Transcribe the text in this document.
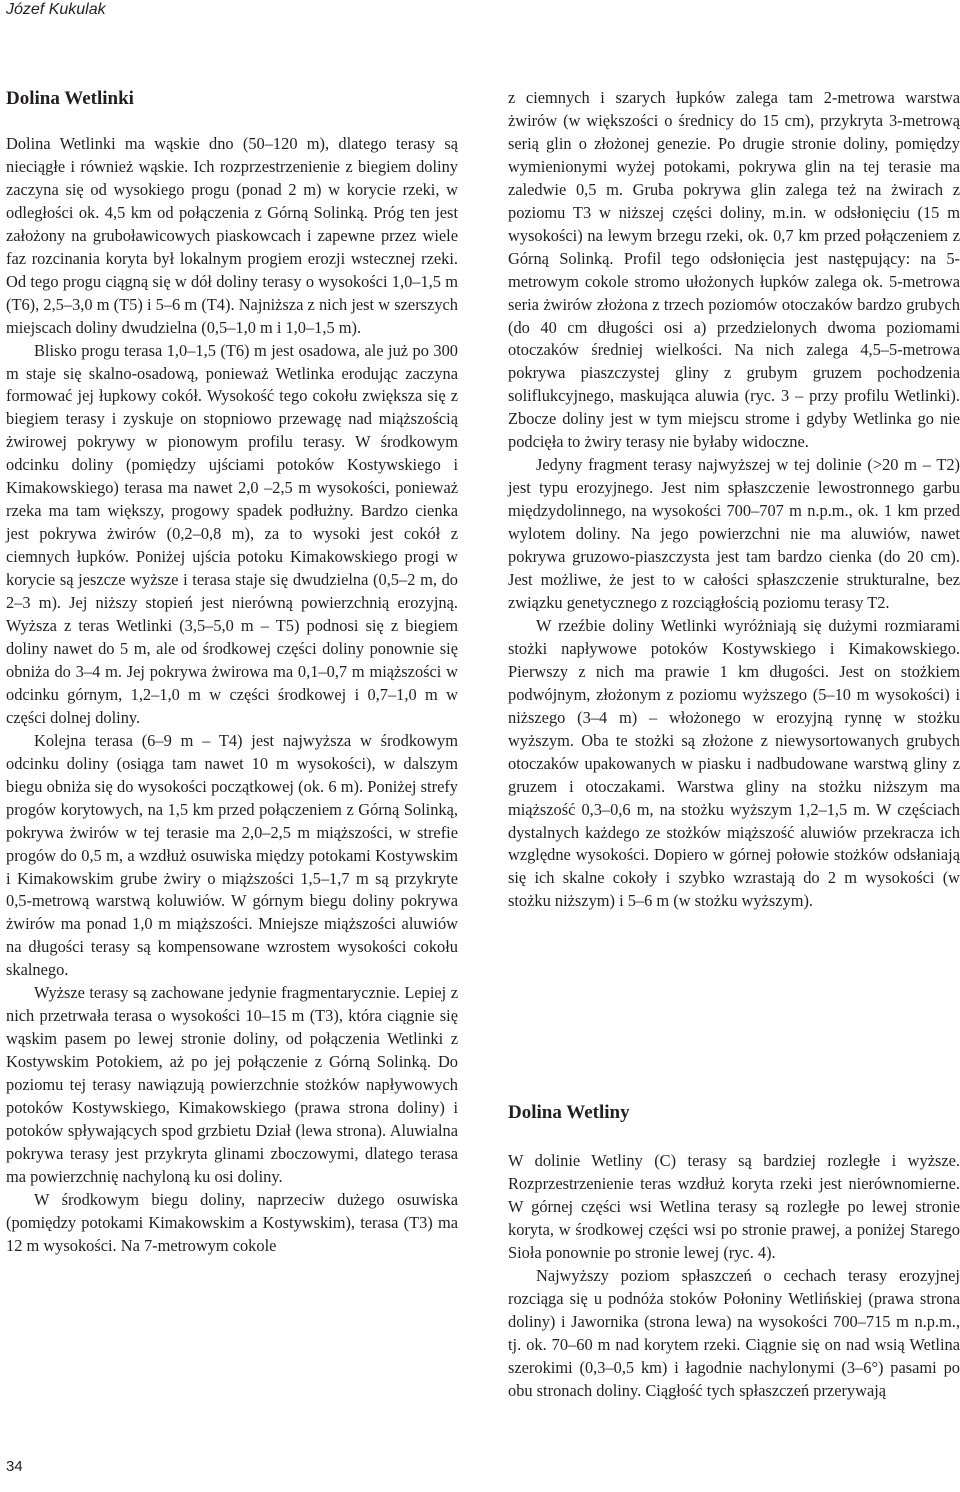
Józef Kukulak
Dolina Wetlinki

Dolina Wetlinki ma wąskie dno (50–120 m), dlatego terasy są nieciągłe i również wąskie. Ich rozprzestrzenienie z biegiem doliny zaczyna się od wysokiego progu (ponad 2 m) w korycie rzeki, w odległości ok. 4,5 km od połączenia z Górną Solinką. Próg ten jest założony na gruboławicowych piaskowcach i zapewne przez wiele faz rozcinania koryta był lokalnym progiem erozji wstecznej rzeki. Od tego progu ciągną się w dół doliny terasy o wysokości 1,0–1,5 m (T6), 2,5–3,0 m (T5) i 5–6 m (T4). Najniższa z nich jest w szerszych miejscach doliny dwudzielna (0,5–1,0 m i 1,0–1,5 m).

Blisko progu terasa 1,0–1,5 (T6) m jest osadowa, ale już po 300 m staje się skalno-osadową, ponieważ Wetlinka erodując zaczyna formować jej łupkowy cokół. Wysokość tego cokołu zwiększa się z biegiem terasy i zyskuje on stopniowo przewagę nad miąższością żwirowej pokrywy w pionowym profilu terasy. W środkowym odcinku doliny (pomiędzy ujściami potoków Kostywskiego i Kimakowskiego) terasa ma nawet 2,0 –2,5 m wysokości, ponieważ rzeka ma tam większy, progowy spadek podłużny. Bardzo cienka jest pokrywa żwirów (0,2–0,8 m), za to wysoki jest cokół z ciemnych łupków. Poniżej ujścia potoku Kimakowskiego progi w korycie są jeszcze wyższe i terasa staje się dwudzielna (0,5–2 m, do 2–3 m). Jej niższy stopień jest nierówną powierzchnią erozyjną. Wyższa z teras Wetlinki (3,5–5,0 m – T5) podnosi się z biegiem doliny nawet do 5 m, ale od środkowej części doliny ponownie się obniża do 3–4 m. Jej pokrywa żwirowa ma 0,1–0,7 m miąższości w odcinku górnym, 1,2–1,0 m w części środkowej i 0,7–1,0 m w części dolnej doliny.

Kolejna terasa (6–9 m – T4) jest najwyższa w środkowym odcinku doliny (osiąga tam nawet 10 m wysokości), w dalszym biegu obniża się do wysokości początkowej (ok. 6 m). Poniżej strefy progów korytowych, na 1,5 km przed połączeniem z Górną Solinką, pokrywa żwirów w tej terasie ma 2,0–2,5 m miąższości, w strefie progów do 0,5 m, a wzdłuż osuwiska między potokami Kostywskim i Kimakowskim grube żwiry o miąższości 1,5–1,7 m są przykryte 0,5-metrową warstwą koluwiów. W górnym biegu doliny pokrywa żwirów ma ponad 1,0 m miąższości. Mniejsze miąższości aluwiów na długości terasy są kompensowane wzrostem wysokości cokołu skalnego.

Wyższe terasy są zachowane jedynie fragmentarycznie. Lepiej z nich przetrwała terasa o wysokości 10–15 m (T3), która ciągnie się wąskim pasem po lewej stronie doliny, od połączenia Wetlinki z Kostywskim Potokiem, aż po jej połączenie z Górną Solinką. Do poziomu tej terasy nawiązują powierzchnie stożków napływowych potoków Kostywskiego, Kimakowskiego (prawa strona doliny) i potoków spływających spod grzbietu Dział (lewa strona). Aluwialna pokrywa terasy jest przykryta glinami zboczowymi, dlatego terasa ma powierzchnię nachyloną ku osi doliny.

W środkowym biegu doliny, naprzeciw dużego osuwiska (pomiędzy potokami Kimakowskim a Kostywskim), terasa (T3) ma 12 m wysokości. Na 7-metrowym cokole

z ciemnych i szarych łupków zalega tam 2-metrowa warstwa żwirów (w większości o średnicy do 15 cm), przykryta 3-metrową serią glin o złożonej genezie. Po drugie stronie doliny, pomiędzy wymienionymi wyżej potokami, pokrywa glin na tej terasie ma zaledwie 0,5 m. Gruba pokrywa glin zalega też na żwirach z poziomu T3 w niższej części doliny, m.in. w odsłonięciu (15 m wysokości) na lewym brzegu rzeki, ok. 0,7 km przed połączeniem z Górną Solinką. Profil tego odsłonięcia jest następujący: na 5-metrowym cokole stromo ułożonych łupków zalega ok. 5-metrowa seria żwirów złożona z trzech poziomów otoczaków bardzo grubych (do 40 cm długości osi a) przedzielonych dwoma poziomami otoczaków średniej wielkości. Na nich zalega 4,5–5-metrowa pokrywa piaszczystej gliny z grubym gruzem pochodzenia soliflukcyjnego, maskująca aluwia (ryc. 3 – przy profilu Wetlinki). Zbocze doliny jest w tym miejscu strome i gdyby Wetlinka go nie podcięła to żwiry terasy nie byłaby widoczne.

Jedyny fragment terasy najwyższej w tej dolinie (>20 m – T2) jest typu erozyjnego. Jest nim spłaszczenie lewostronnego garbu międzydolinnego, na wysokości 700–707 m n.p.m., ok. 1 km przed wylotem doliny. Na jego powierzchni nie ma aluwiów, nawet pokrywa gruzowo-piaszczysta jest tam bardzo cienka (do 20 cm). Jest możliwe, że jest to w całości spłaszczenie strukturalne, bez związku genetycznego z rozciągłością poziomu terasy T2.

W rzeźbie doliny Wetlinki wyróżniają się dużymi rozmiarami stożki napływowe potoków Kostywskiego i Kimakowskiego. Pierwszy z nich ma prawie 1 km długości. Jest on stożkiem podwójnym, złożonym z poziomu wyższego (5–10 m wysokości) i niższego (3–4 m) – włożonego w erozyjną rynnę w stożku wyższym. Oba te stożki są złożone z niewysortowanych grubych otoczaków upakowanych w piasku i nadbudowane warstwą gliny z gruzem i otoczakami. Warstwa gliny na stożku niższym ma miąższość 0,3–0,6 m, na stożku wyższym 1,2–1,5 m. W częściach dystalnych każdego ze stożków miąższość aluwiów przekracza ich względne wysokości. Dopiero w górnej połowie stożków odsłaniają się ich skalne cokoły i szybko wzrastają do 2 m wysokości (w stożku niższym) i 5–6 m (w stożku wyższym).

Dolina Wetliny

W dolinie Wetliny (C) terasy są bardziej rozległe i wyższe. Rozprzestrzenienie teras wzdłuż koryta rzeki jest nierównomierne. W górnej części wsi Wetlina terasy są rozległe po lewej stronie koryta, w środkowej części wsi po stronie prawej, a poniżej Starego Sioła ponownie po stronie lewej (ryc. 4).

Najwyższy poziom spłaszczeń o cechach terasy erozyjnej rozciąga się u podnóża stoków Połoniny Wetlińskiej (prawa strona doliny) i Jawornika (strona lewa) na wysokości 700–715 m n.p.m., tj. ok. 70–60 m nad korytem rzeki. Ciągnie się on nad wsią Wetlina szerokimi (0,3–0,5 km) i łagodnie nachylonymi (3–6°) pasami po obu stronach doliny. Ciągłość tych spłaszczeń przerywają

34
